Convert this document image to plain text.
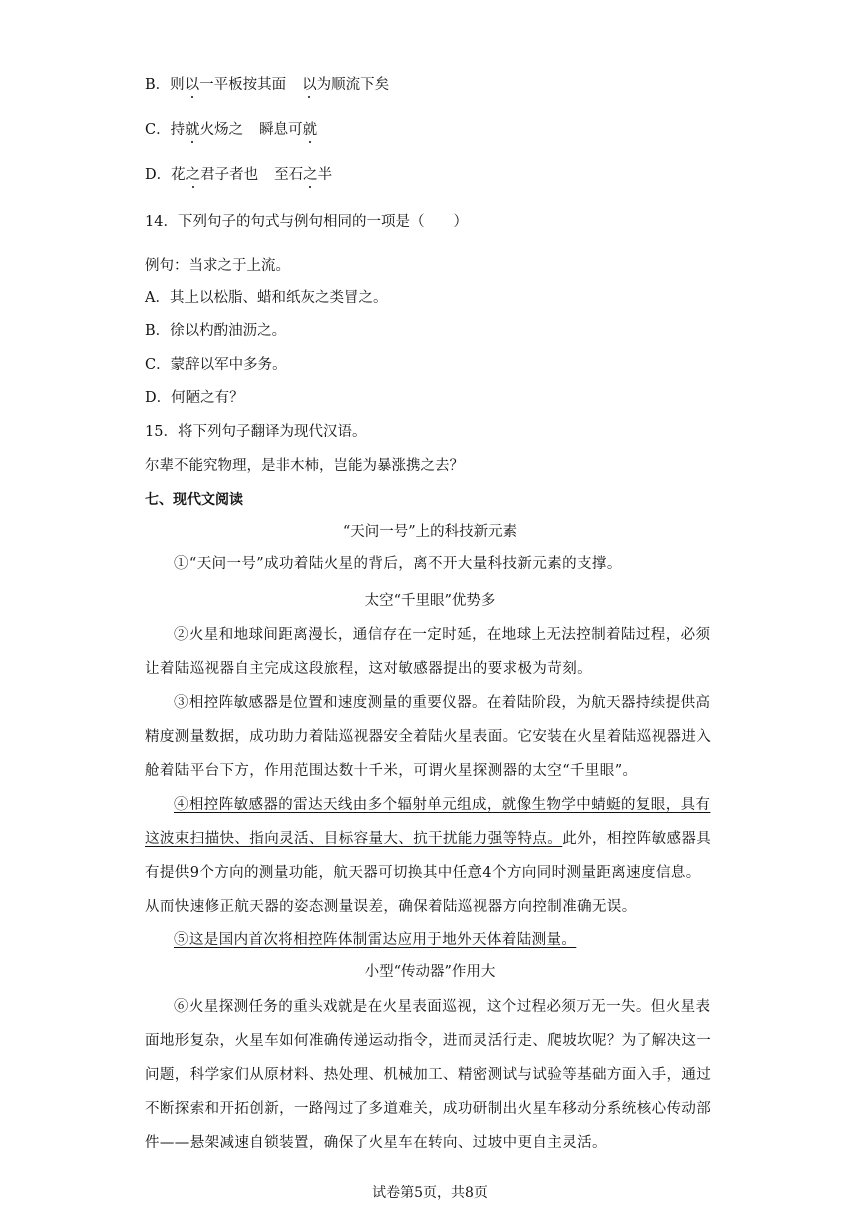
B．则以一平板按其面 以为顺流下矣
C．持就火炀之 瞬息可就
D．花之君子者也 至石之半
14．下列句子的句式与例句相同的一项是（　　）
例句：当求之于上流。
A．其上以松脂、蜡和纸灰之类冒之。
B．徐以杓酌油沥之。
C．蒙辞以军中多务。
D．何陋之有？
15．将下列句子翻译为现代汉语。
尔辈不能究物理，是非木杮，岂能为暴涨携之去？
七、现代文阅读
“天问一号”上的科技新元素
①“天问一号”成功着陆火星的背后，离不开大量科技新元素的支撑。
太空“千里眼”优势多
②火星和地球间距离漫长，通信存在一定时延，在地球上无法控制着陆过程，必须让着陆巡视器自主完成这段旅程，这对敏感器提出的要求极为苛刻。
③相控阵敏感器是位置和速度测量的重要仪器。在着陆阶段，为航天器持续提供高精度测量数据，成功助力着陆巡视器安全着陆火星表面。它安装在火星着陆巡视器进入舱着陆平台下方，作用范围达数十千米，可谓火星探测器的太空“千里眼”。
④相控阵敏感器的雷达天线由多个辐射单元组成，就像生物学中蜻蜓的复眼，具有这波束扫描快、指向灵活、目标容量大、抗干扰能力强等特点。此外，相控阵敏感器具有提供9个方向的测量功能，航天器可切换其中任意4个方向同时测量距离速度信息。从而快速修正航天器的姿态测量误差，确保着陆巡视器方向控制准确无误。
⑤这是国内首次将相控阵体制雷达应用于地外天体着陆测量。
小型“传动器”作用大
⑥火星探测任务的重头戏就是在火星表面巡视，这个过程必须万无一失。但火星表面地形复杂，火星车如何准确传递运动指令，进而灵活行走、爬坡坎呢？为了解决这一问题，科学家们从原材料、热处理、机械加工、精密测试与试验等基础方面入手，通过不断探索和开拓创新，一路闯过了多道难关，成功研制出火星车移动分系统核心传动部件——悬架减速自锁装置，确保了火星车在转向、过坡中更自主灵活。
试卷第5页，共8页
